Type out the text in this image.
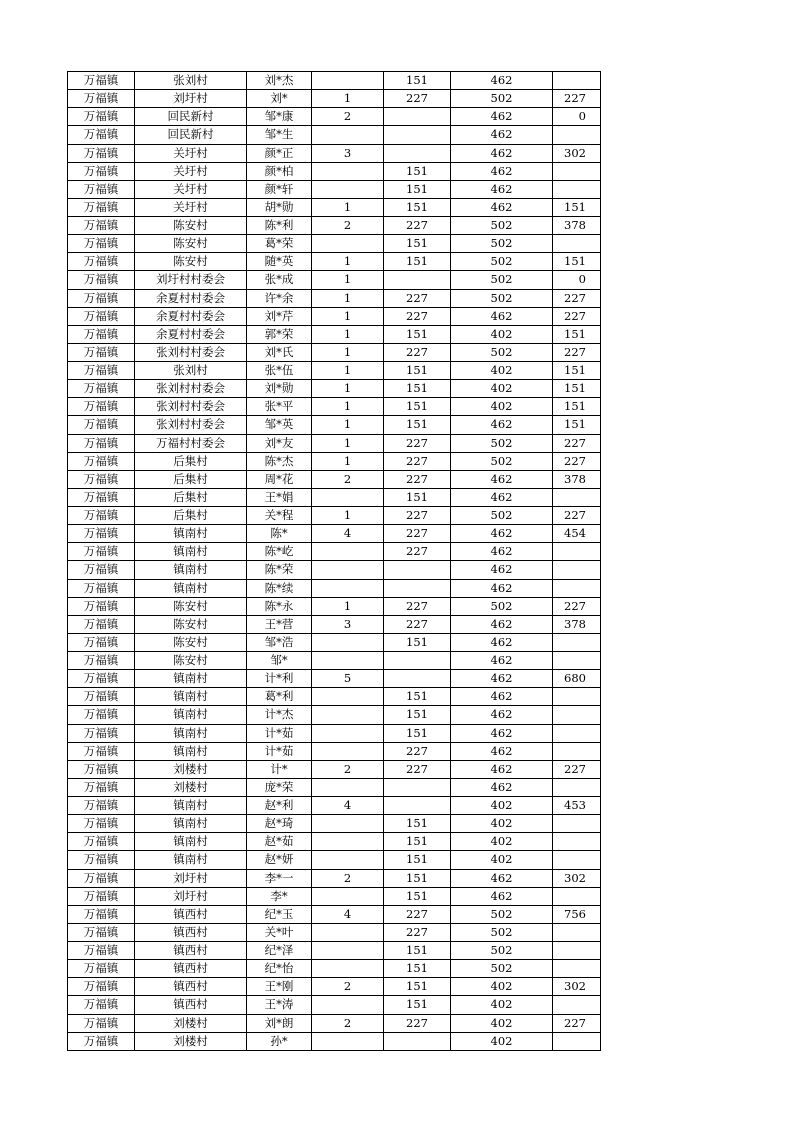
万福镇	张刘村	刘*杰		151	462	
万福镇	刘圩村	刘*	1	227	502	227
万福镇	回民新村	邹*康	2		462	0
万福镇	回民新村	邹*生			462	
万福镇	关圩村	颜*正	3		462	302
万福镇	关圩村	颜*柏		151	462	
万福镇	关圩村	颜*轩		151	462	
万福镇	关圩村	胡*勋	1	151	462	151
万福镇	陈安村	陈*利	2	227	502	378
万福镇	陈安村	葛*荣		151	502	
万福镇	陈安村	随*英	1	151	502	151
万福镇	刘圩村村委会	张*成	1		502	0
万福镇	余夏村村委会	许*余	1	227	502	227
万福镇	余夏村村委会	刘*芹	1	227	462	227
万福镇	余夏村村委会	郭*荣	1	151	402	151
万福镇	张刘村村委会	刘*氏	1	227	502	227
万福镇	张刘村	张*伍	1	151	402	151
万福镇	张刘村村委会	刘*勋	1	151	402	151
万福镇	张刘村村委会	张*平	1	151	402	151
万福镇	张刘村村委会	邹*英	1	151	462	151
万福镇	万福村村委会	刘*友	1	227	502	227
万福镇	后集村	陈*杰	1	227	502	227
万福镇	后集村	周*花	2	227	462	378
万福镇	后集村	王*娟		151	462	
万福镇	后集村	关*程	1	227	502	227
万福镇	镇南村	陈*	4	227	462	454
万福镇	镇南村	陈*屹		227	462	
万福镇	镇南村	陈*荣			462	
万福镇	镇南村	陈*续			462	
万福镇	陈安村	陈*永	1	227	502	227
万福镇	陈安村	王*营	3	227	462	378
万福镇	陈安村	邹*浩		151	462	
万福镇	陈安村	邹*			462	
万福镇	镇南村	计*利	5		462	680
万福镇	镇南村	葛*利		151	462	
万福镇	镇南村	计*杰		151	462	
万福镇	镇南村	计*茹		151	462	
万福镇	镇南村	计*茹		227	462	
万福镇	刘楼村	计*	2	227	462	227
万福镇	刘楼村	庞*荣			462	
万福镇	镇南村	赵*利	4		402	453
万福镇	镇南村	赵*琦		151	402	
万福镇	镇南村	赵*茹		151	402	
万福镇	镇南村	赵*妍		151	402	
万福镇	刘圩村	李*一	2	151	462	302
万福镇	刘圩村	李*		151	462	
万福镇	镇西村	纪*玉	4	227	502	756
万福镇	镇西村	关*叶		227	502	
万福镇	镇西村	纪*泽		151	502	
万福镇	镇西村	纪*怡		151	502	
万福镇	镇西村	王*刚	2	151	402	302
万福镇	镇西村	王*涛		151	402	
万福镇	刘楼村	刘*朗	2	227	402	227
万福镇	刘楼村	孙*			402	
